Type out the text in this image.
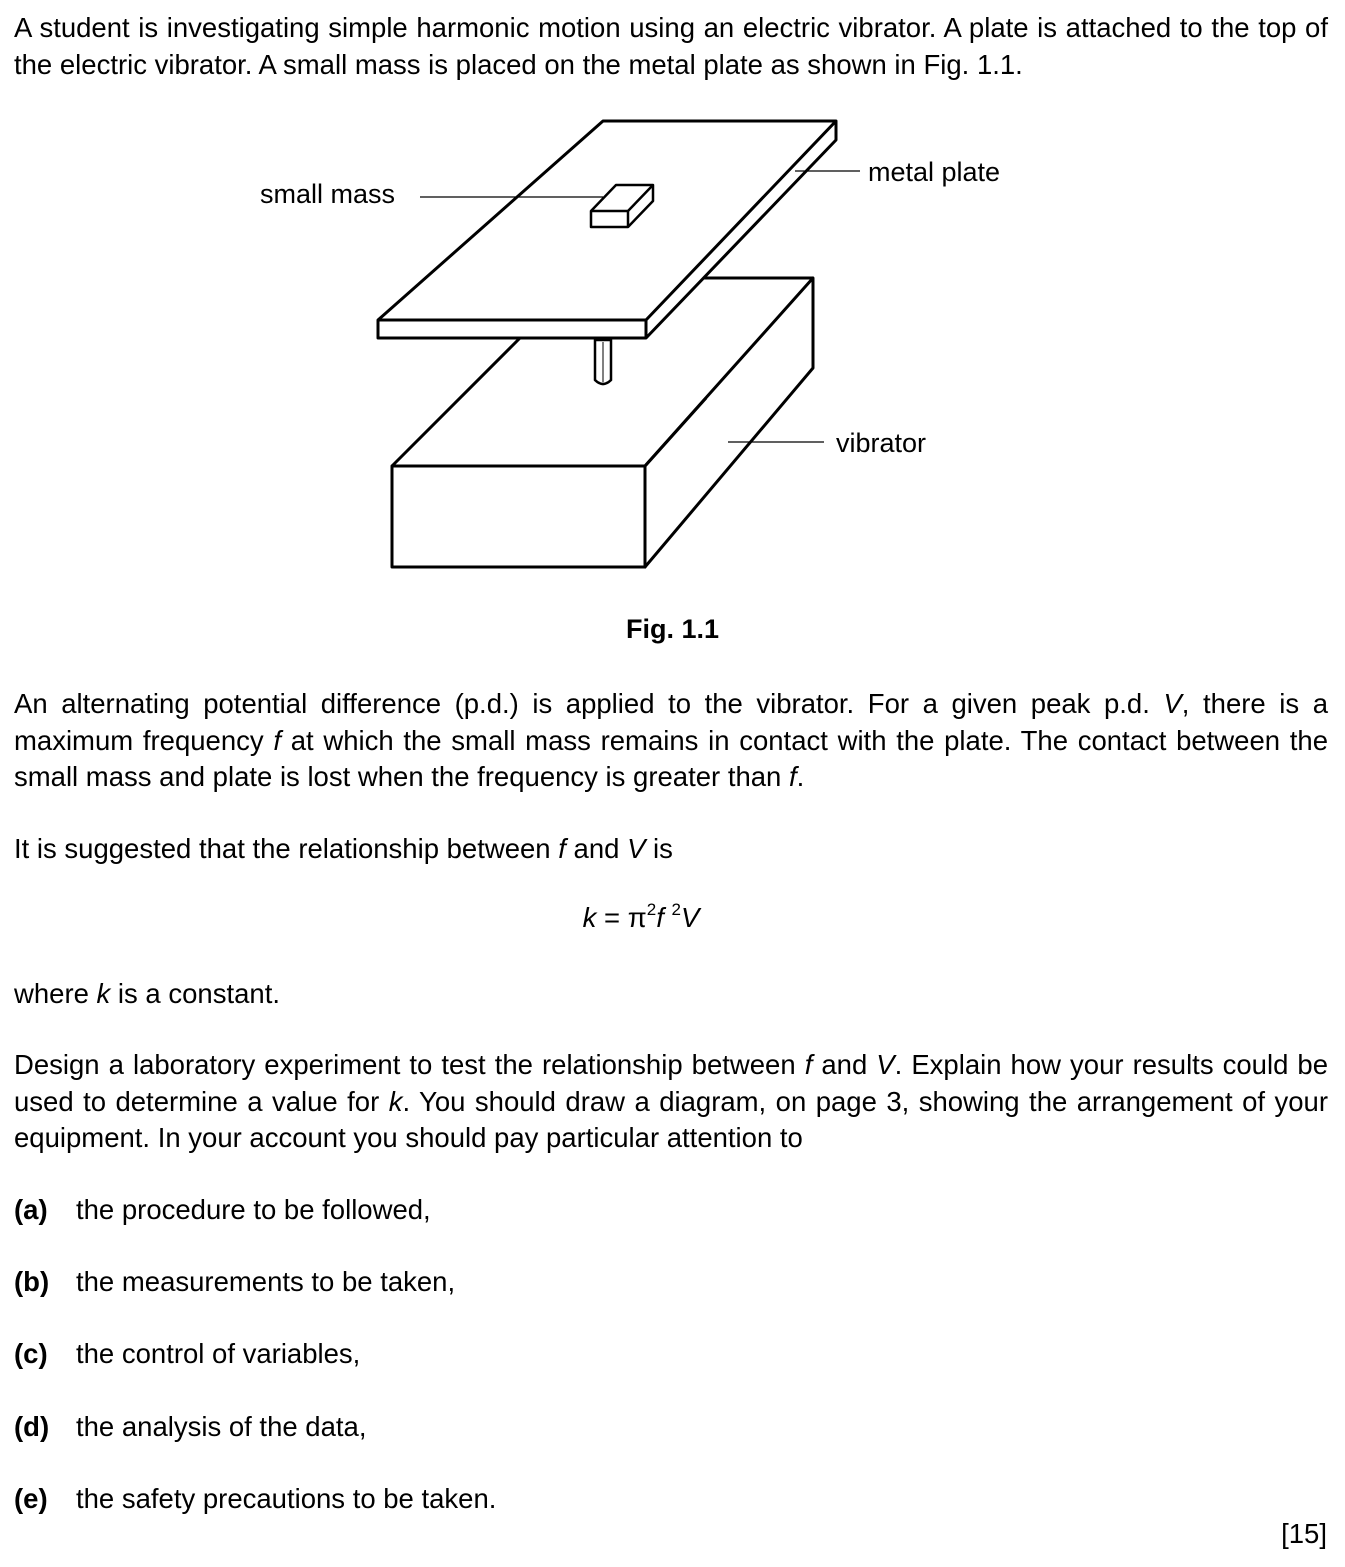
A student is investigating simple harmonic motion using an electric vibrator. A plate is attached to the top of the electric vibrator. A small mass is placed on the metal plate as shown in Fig. 1.1.

small mass
metal plate
vibrator
Fig. 1.1

An alternating potential difference (p.d.) is applied to the vibrator. For a given peak p.d. V, there is a maximum frequency f at which the small mass remains in contact with the plate. The contact between the small mass and plate is lost when the frequency is greater than f.

It is suggested that the relationship between f and V is

$k = \pi^2f$ $^2$V

where k is a constant.

Design a laboratory experiment to test the relationship between f and V. Explain how your results could be used to determine a value for k. You should draw a diagram, on page 3, showing the arrangement of your equipment. In your account you should pay particular attention to

(a) the procedure to be followed,
(b) the measurements to be taken,
(c) the control of variables,
(d) the analysis of the data,
(e) the safety precautions to be taken.
[15]
